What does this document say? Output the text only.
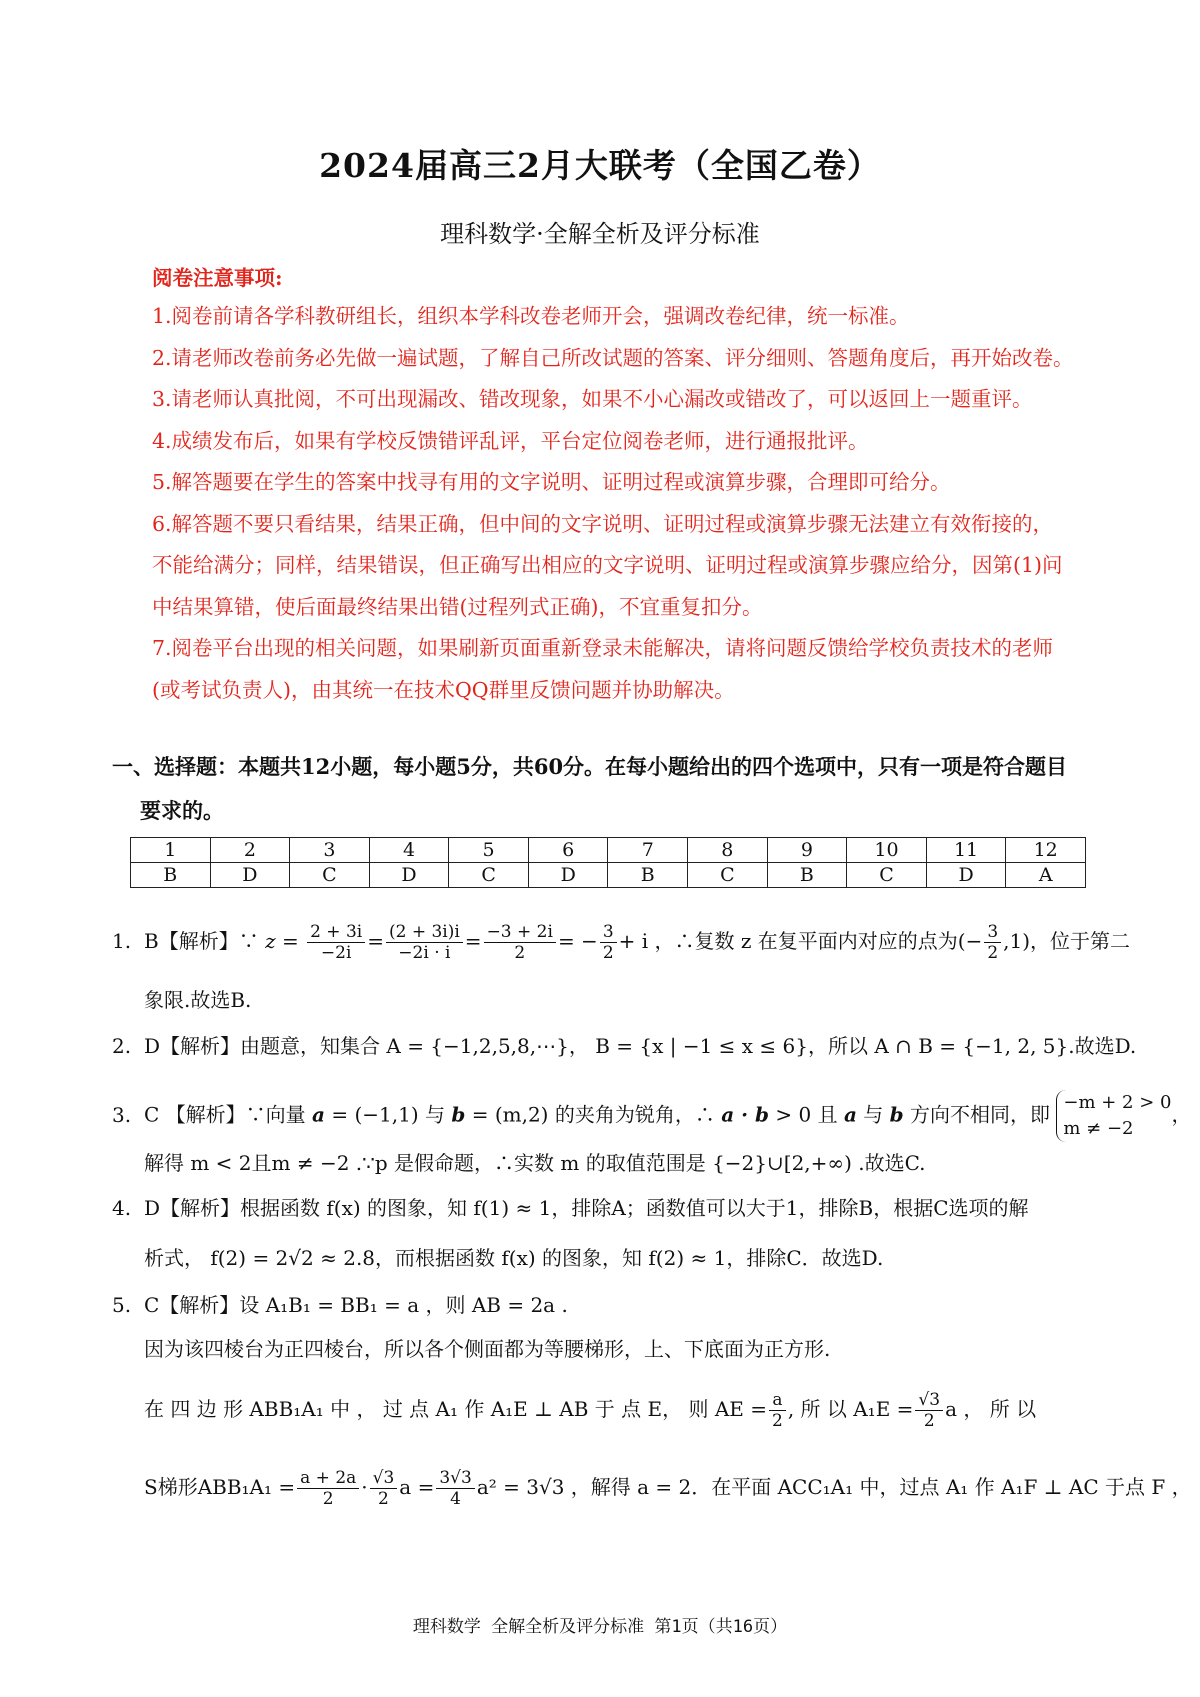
2024届高三2月大联考（全国乙卷）
理科数学·全解全析及评分标准
阅卷注意事项:
1.阅卷前请各学科教研组长，组织本学科改卷老师开会，强调改卷纪律，统一标准。
2.请老师改卷前务必先做一遍试题，了解自己所改试题的答案、评分细则、答题角度后，再开始改卷。
3.请老师认真批阅，不可出现漏改、错改现象，如果不小心漏改或错改了，可以返回上一题重评。
4.成绩发布后，如果有学校反馈错评乱评，平台定位阅卷老师，进行通报批评。
5.解答题要在学生的答案中找寻有用的文字说明、证明过程或演算步骤，合理即可给分。
6.解答题不要只看结果，结果正确，但中间的文字说明、证明过程或演算步骤无法建立有效衔接的，
不能给满分；同样，结果错误，但正确写出相应的文字说明、证明过程或演算步骤应给分，因第(1)问
中结果算错，使后面最终结果出错(过程列式正确)，不宜重复扣分。
7.阅卷平台出现的相关问题，如果刷新页面重新登录未能解决，请将问题反馈给学校负责技术的老师
(或考试负责人)，由其统一在技术QQ群里反馈问题并协助解决。
一、选择题：本题共12小题，每小题5分，共60分。在每小题给出的四个选项中，只有一项是符合题目
要求的。
1	2	3	4	5	6	7	8	9	10	11	12
B	D	C	D	C	D	B	C	B	C	D	A
1. B【解析】∵ $z = \frac{2 + 3i}{-2i} = \frac{(2 + 3i)i}{-2i \cdot i} = \frac{-3 + 2i}{2}$ = − $\frac{3}{2} + i$ ，∴复数 z 在复平面内对应的点为(− $\frac{3}{2} ,1$)，位于第二
象限.故选B.
2. D【解析】由题意，知集合 A = {−1,2,5,8,⋯}， B = {x | −1 ≤ x ≤ 6}，所以 A ∩ B = {−1, 2, 5}.故选D.
3. C 【解析】∵向量 a = (−1,1) 与 b = (m,2) 的夹角为锐角，∴ a · b > 0 且 a 与 b 方向不相同，即 −m + 2 > 0
m ≠ −2
，
解得 m < 2且m ≠ −2 .∵p 是假命题，∴实数 m 的取值范围是 {−2}∪[2,+∞) .故选C.
4. D【解析】根据函数 f(x) 的图象，知 f(1) ≈ 1，排除A；函数值可以大于1，排除B，根据C选项的解
析式， f(2) = 2√2 ≈ 2.8，而根据函数 f(x) 的图象，知 f(2) ≈ 1，排除C．故选D.
5. C【解析】设 A₁B₁ = BB₁ = a ，则 AB = 2a .
因为该四棱台为正四棱台，所以各个侧面都为等腰梯形，上、下底面为正方形.
在 四 边 形 ABB₁A₁ 中 ， 过 点 A₁ 作 A₁E ⊥ AB 于 点 E， 则 AE = $\frac{a}{2}$ , 所 以 $A_1E = \frac{√3}{2}$ a ， 所 以
S梯形$ABB_1A_1 = \frac{a + 2a}{2} \cdot \frac{√3}{2}$ $a = \frac{3√3}{4} a^2 = 3√3$ ，解得 a = 2．在平面 ACC₁A₁ 中，过点 A₁ 作 A₁F ⊥ AC 于点 F ，
理科数学 全解全析及评分标准 第1页（共16页）
